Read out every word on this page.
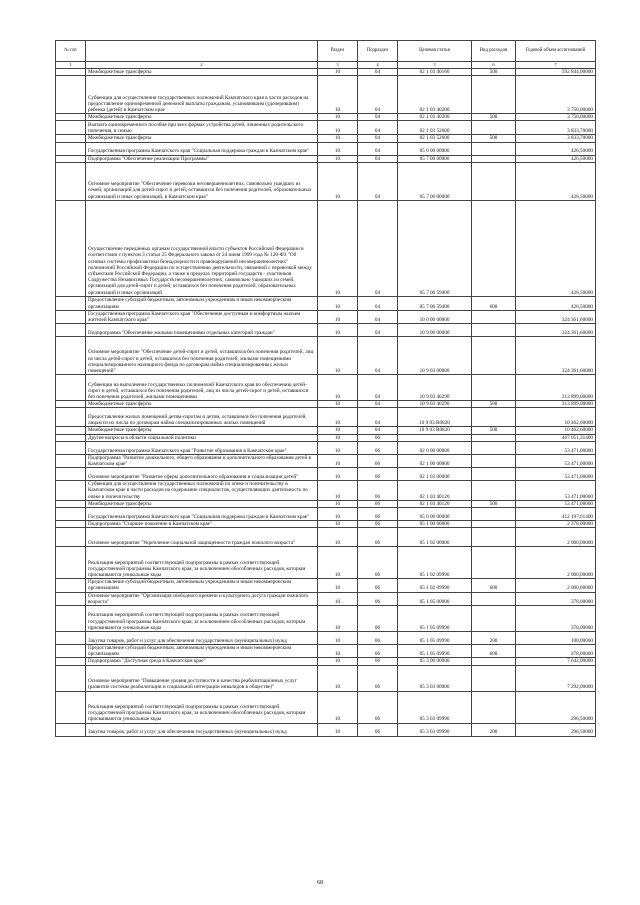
№ п/п		Раздел	Подраздел	Целевая статья	Вид расходов	Годовой объем ассигнований
1	2	3	4	5	6	7
	Межбюджетные трансферты	10	04	02 1 03 40160	500	592 844,00000
	Субвенции для осуществления государственных полномочий Камчатского края в части расходов на предоставление единовременной денежной выплаты гражданам, усыновившим (удочерившим) ребенка (детей) в Камчатском крае	10	04	02 1 03 40200		3 750,00000
	Межбюджетные трансферты	10	04	02 1 03 40200	500	3 750,00000
	Выплата единовременного пособия при всех формах устройства детей, лишенных родительского попечения, в семью	10	04	02 1 03 52600		3 833,70000
	Межбюджетные трансферты	10	04	02 1 03 52600	500	3 833,70000
	Государственная программа Камчатского края "Социальная поддержка граждан в Камчатском крае"	10	04	05 0 00 00000		426,50000
	Подпрограмма "Обеспечение реализации Программы"	10	04	05 7 00 00000		426,50000
	Основное мероприятие "Обеспечение перевозки несовершеннолетних, самовольно ушедших из семей, организаций для детей-сирот и детей, оставшихся без попечения родителей, образовательных организаций и иных организаций, в Камчатском крае"	10	04	05 7 06 00000		426,50000
	Осуществление переданных органам государственной власти субъектов Российской Федерации в соответствии с пунктом 3 статьи 25 Федерального закона от 24 июня 1999 года № 120-ФЗ "Об основах системы профилактики безнадзорности и правонарушений несовершеннолетних" полномочий Российской Федерации по осуществлению деятельности, связанной с перевозкой между субъектами Российской Федерации, а также в пределах территорий государств - участников Содружества Независимых Государств несовершеннолетних, самовольно ушедших из семей, организаций для детей-сирот и детей, оставшихся без попечения родителей, образовательных организаций и иных организаций	10	04	05 7 06 59400		426,50000
	Предоставление субсидий бюджетным, автономным учреждениям и иным некоммерческим организациям	10	04	05 7 06 59400	600	426,50000
	Государственная программа Камчатского края "Обеспечение доступным и комфортным жильем жителей Камчатского края"	10	04	10 0 00 00000		324 361,60000
	Подпрограмма "Обеспечение жилыми помещениями отдельных категорий граждан"	10	04	10 9 00 00000		324 361,60000
	Основное мероприятие "Обеспечение детей-сирот и детей, оставшихся без попечения родителей, лиц из числа детей-сирот и детей, оставшихся без попечения родителей, жилыми помещениями специализированного жилищного фонда по договорам найма специализированных жилых помещений"	10	04	10 9 03 00000		324 361,60000
	Субвенции на выполнение государственных полномочий Камчатского края по обеспечению детей-сирот и детей, оставшихся без попечения родителей, лиц из числа детей-сирот и детей, оставшихся без попечения родителей, жилыми помещениями	10	04	10 9 03 40290		313 899,00000
	Межбюджетные трансферты	10	04	10 9 03 40290	500	313 899,00000
	Предоставление жилых помещений детям-сиротам и детям, оставшимся без попечения родителей, лицам из их числа по договорам найма специализированных жилых помещений	10	04	10 9 03 R0820		10 462,60000
	Межбюджетные трансферты	10	04	10 9 03 R0820	500	10 462,60000
	Другие вопросы в области социальной политики	10	06			467 051,31400
	Государственная программа Камчатского края "Развитие образования в Камчатском крае"	10	06	02 0 00 00000		53 471,00000
	Подпрограмма "Развитие дошкольного, общего образования и дополнительного образования детей в Камчатском крае"	10	06	02 1 00 00000		53 471,00000
	Основное мероприятие "Развитие сферы дополнительного образования и социализации детей"	10	06	02 1 03 00000		53 471,00000
	Субвенции для осуществления государственных полномочий по опеке и попечительству в Камчатском крае в части расходов на содержание специалистов, осуществляющих деятельность по опеке и попечительству	10	06	02 1 03 40120		53 471,00000
	Межбюджетные трансферты	10	06	02 1 03 40120	500	53 471,00000
	Государственная программа Камчатского края "Социальная поддержка граждан в Камчатском крае"	10	06	05 0 00 00000		412 197,61400
	Подпрограмма "Старшее поколение в Камчатском крае"	10	06	05 1 00 00000		2 378,00000
	Основное мероприятие "Укрепление социальной защищенности граждан пожилого возраста"	10	06	05 1 02 00000		2 000,00000
	Реализация мероприятий соответствующей подпрограммы в рамках соответствующей государственной программы Камчатского края, за исключением обособленных расходов, которым присваиваются уникальные коды	10	06	05 1 02 09990		2 000,00000
	Предоставление субсидий бюджетным, автономным учреждениям и иным некоммерческим организациям	10	06	05 1 02 09990	600	2 000,00000
	Основное мероприятие "Организация свободного времени и культурного досуга граждан пожилого возраста"	10	06	05 1 05 00000		378,00000
	Реализация мероприятий соответствующей подпрограммы в рамках соответствующей государственной программы Камчатского края, за исключением обособленных расходов, которым присваиваются уникальные коды	10	06	05 1 05 09990		378,00000
	Закупка товаров, работ и услуг для обеспечения государственных (муниципальных) нужд	10	06	05 1 05 09990	200	100,00000
	Предоставление субсидий бюджетным, автономным учреждениям и иным некоммерческим организациям	10	06	05 1 05 09990	600	278,00000
	Подпрограмма "Доступная среда в Камчатском крае"	10	06	05 3 00 00000		7 642,00000
	Основное мероприятие "Повышение уровня доступности и качества реабилитационных услуг (развитие системы реабилитации и социальной интеграции инвалидов в обществе)"	10	06	05 3 03 00000		7 292,00000
	Реализация мероприятий соответствующей подпрограммы в рамках соответствующей государственной программы Камчатского края, за исключением обособленных расходов, которым присваиваются уникальные коды	10	06	05 3 03 09990		296,50000
	Закупка товаров, работ и услуг для обеспечения государственных (муниципальных) нужд	10	06	05 3 03 09990	200	296,50000
68
